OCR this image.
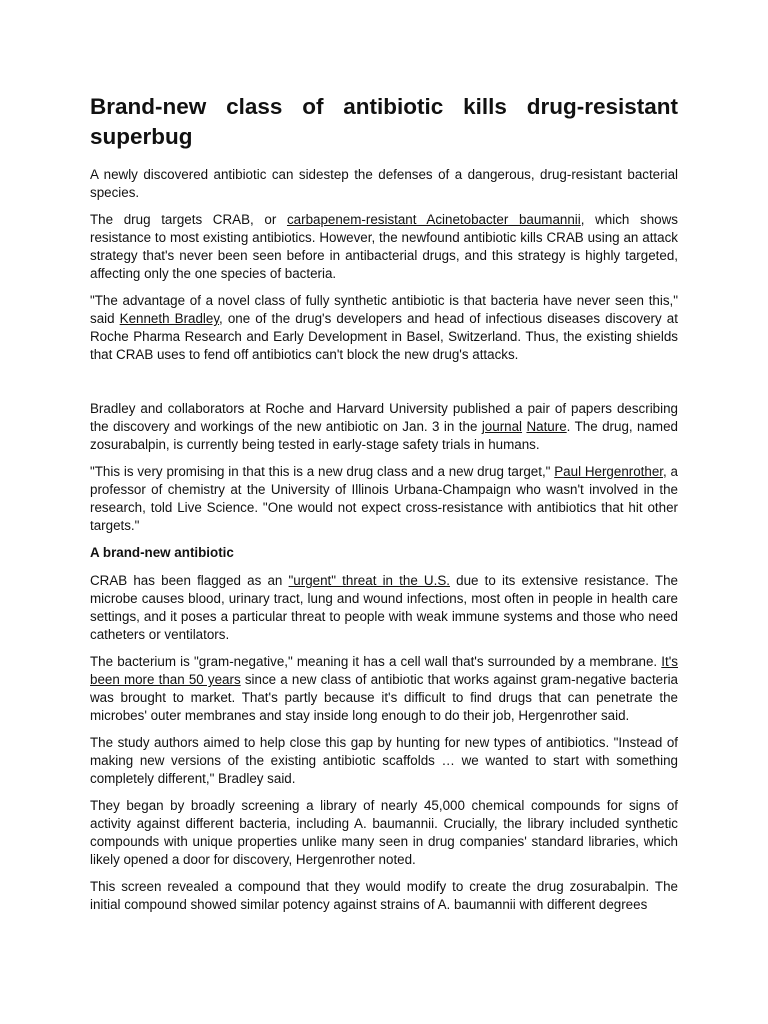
Brand-new class of antibiotic kills drug-resistant superbug

A newly discovered antibiotic can sidestep the defenses of a dangerous, drug-resistant bacterial species.

The drug targets CRAB, or carbapenem-resistant Acinetobacter baumannii, which shows resistance to most existing antibiotics. However, the newfound antibiotic kills CRAB using an attack strategy that's never been seen before in antibacterial drugs, and this strategy is highly targeted, affecting only the one species of bacteria.

"The advantage of a novel class of fully synthetic antibiotic is that bacteria have never seen this," said Kenneth Bradley, one of the drug's developers and head of infectious diseases discovery at Roche Pharma Research and Early Development in Basel, Switzerland. Thus, the existing shields that CRAB uses to fend off antibiotics can't block the new drug's attacks.

Bradley and collaborators at Roche and Harvard University published a pair of papers describing the discovery and workings of the new antibiotic on Jan. 3 in the journal Nature. The drug, named zosurabalpin, is currently being tested in early-stage safety trials in humans.

"This is very promising in that this is a new drug class and a new drug target," Paul Hergenrother, a professor of chemistry at the University of Illinois Urbana-Champaign who wasn't involved in the research, told Live Science. "One would not expect cross-resistance with antibiotics that hit other targets."

A brand-new antibiotic

CRAB has been flagged as an "urgent" threat in the U.S. due to its extensive resistance. The microbe causes blood, urinary tract, lung and wound infections, most often in people in health care settings, and it poses a particular threat to people with weak immune systems and those who need catheters or ventilators.

The bacterium is "gram-negative," meaning it has a cell wall that's surrounded by a membrane. It's been more than 50 years since a new class of antibiotic that works against gram-negative bacteria was brought to market. That's partly because it's difficult to find drugs that can penetrate the microbes' outer membranes and stay inside long enough to do their job, Hergenrother said.

The study authors aimed to help close this gap by hunting for new types of antibiotics. "Instead of making new versions of the existing antibiotic scaffolds … we wanted to start with something completely different," Bradley said.

They began by broadly screening a library of nearly 45,000 chemical compounds for signs of activity against different bacteria, including A. baumannii. Crucially, the library included synthetic compounds with unique properties unlike many seen in drug companies' standard libraries, which likely opened a door for discovery, Hergenrother noted.

This screen revealed a compound that they would modify to create the drug zosurabalpin. The initial compound showed similar potency against strains of A. baumannii with different degrees
